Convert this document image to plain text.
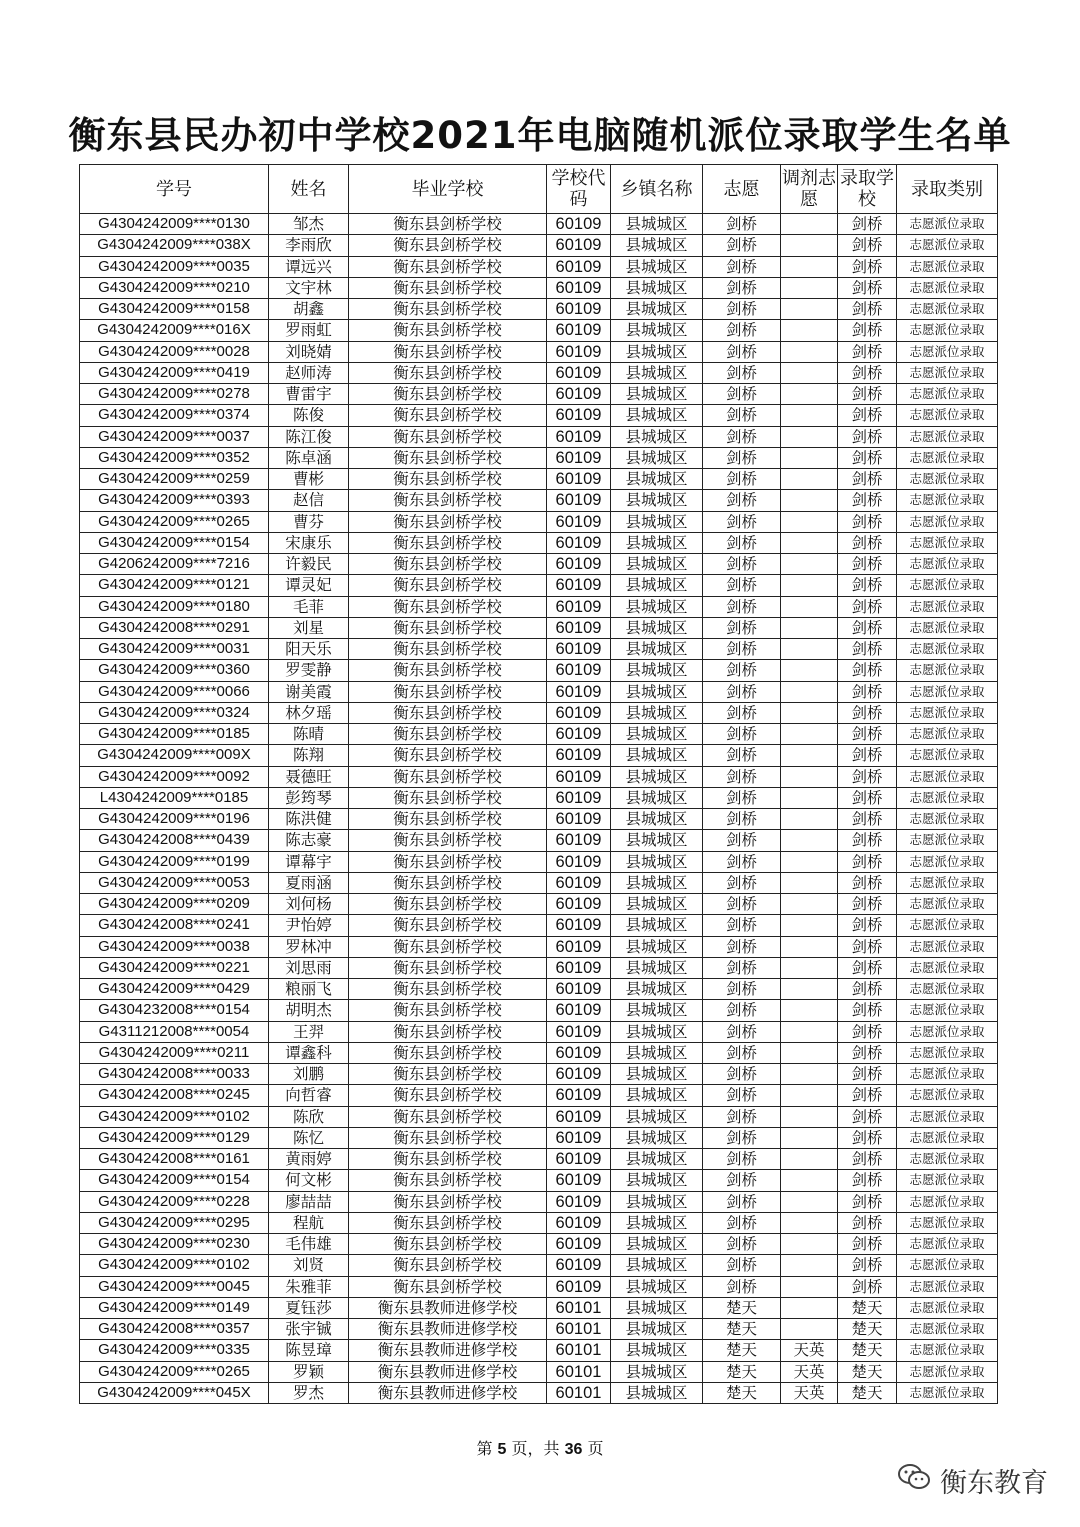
衡东县民办初中学校2021年电脑随机派位录取学生名单
学号	姓名	毕业学校	学校代码	乡镇名称	志愿	调剂志愿	录取学校	录取类别
G4304242009****0130	邹杰	衡东县剑桥学校	60109	县城城区	剑桥		剑桥	志愿派位录取
G4304242009****038X	李雨欣	衡东县剑桥学校	60109	县城城区	剑桥		剑桥	志愿派位录取
G4304242009****0035	谭远兴	衡东县剑桥学校	60109	县城城区	剑桥		剑桥	志愿派位录取
G4304242009****0210	文宇林	衡东县剑桥学校	60109	县城城区	剑桥		剑桥	志愿派位录取
G4304242009****0158	胡鑫	衡东县剑桥学校	60109	县城城区	剑桥		剑桥	志愿派位录取
G4304242009****016X	罗雨虹	衡东县剑桥学校	60109	县城城区	剑桥		剑桥	志愿派位录取
G4304242009****0028	刘晓婧	衡东县剑桥学校	60109	县城城区	剑桥		剑桥	志愿派位录取
G4304242009****0419	赵师涛	衡东县剑桥学校	60109	县城城区	剑桥		剑桥	志愿派位录取
G4304242009****0278	曹雷宇	衡东县剑桥学校	60109	县城城区	剑桥		剑桥	志愿派位录取
G4304242009****0374	陈俊	衡东县剑桥学校	60109	县城城区	剑桥		剑桥	志愿派位录取
G4304242009****0037	陈江俊	衡东县剑桥学校	60109	县城城区	剑桥		剑桥	志愿派位录取
G4304242009****0352	陈卓涵	衡东县剑桥学校	60109	县城城区	剑桥		剑桥	志愿派位录取
G4304242009****0259	曹彬	衡东县剑桥学校	60109	县城城区	剑桥		剑桥	志愿派位录取
G4304242009****0393	赵信	衡东县剑桥学校	60109	县城城区	剑桥		剑桥	志愿派位录取
G4304242009****0265	曹芬	衡东县剑桥学校	60109	县城城区	剑桥		剑桥	志愿派位录取
G4304242009****0154	宋康乐	衡东县剑桥学校	60109	县城城区	剑桥		剑桥	志愿派位录取
G4206242009****7216	许毅民	衡东县剑桥学校	60109	县城城区	剑桥		剑桥	志愿派位录取
G4304242009****0121	谭灵妃	衡东县剑桥学校	60109	县城城区	剑桥		剑桥	志愿派位录取
G4304242009****0180	毛菲	衡东县剑桥学校	60109	县城城区	剑桥		剑桥	志愿派位录取
G4304242008****0291	刘星	衡东县剑桥学校	60109	县城城区	剑桥		剑桥	志愿派位录取
G4304242009****0031	阳天乐	衡东县剑桥学校	60109	县城城区	剑桥		剑桥	志愿派位录取
G4304242009****0360	罗雯静	衡东县剑桥学校	60109	县城城区	剑桥		剑桥	志愿派位录取
G4304242009****0066	谢美霞	衡东县剑桥学校	60109	县城城区	剑桥		剑桥	志愿派位录取
G4304242009****0324	林夕瑶	衡东县剑桥学校	60109	县城城区	剑桥		剑桥	志愿派位录取
G4304242009****0185	陈晴	衡东县剑桥学校	60109	县城城区	剑桥		剑桥	志愿派位录取
G4304242009****009X	陈翔	衡东县剑桥学校	60109	县城城区	剑桥		剑桥	志愿派位录取
G4304242009****0092	聂德旺	衡东县剑桥学校	60109	县城城区	剑桥		剑桥	志愿派位录取
L4304242009****0185	彭筠琴	衡东县剑桥学校	60109	县城城区	剑桥		剑桥	志愿派位录取
G4304242009****0196	陈洪健	衡东县剑桥学校	60109	县城城区	剑桥		剑桥	志愿派位录取
G4304242008****0439	陈志豪	衡东县剑桥学校	60109	县城城区	剑桥		剑桥	志愿派位录取
G4304242009****0199	谭幕宇	衡东县剑桥学校	60109	县城城区	剑桥		剑桥	志愿派位录取
G4304242009****0053	夏雨涵	衡东县剑桥学校	60109	县城城区	剑桥		剑桥	志愿派位录取
G4304242009****0209	刘何杨	衡东县剑桥学校	60109	县城城区	剑桥		剑桥	志愿派位录取
G4304242008****0241	尹怡婷	衡东县剑桥学校	60109	县城城区	剑桥		剑桥	志愿派位录取
G4304242009****0038	罗林冲	衡东县剑桥学校	60109	县城城区	剑桥		剑桥	志愿派位录取
G4304242009****0221	刘思雨	衡东县剑桥学校	60109	县城城区	剑桥		剑桥	志愿派位录取
G4304242009****0429	粮丽飞	衡东县剑桥学校	60109	县城城区	剑桥		剑桥	志愿派位录取
G4304232008****0154	胡明杰	衡东县剑桥学校	60109	县城城区	剑桥		剑桥	志愿派位录取
G4311212008****0054	王羿	衡东县剑桥学校	60109	县城城区	剑桥		剑桥	志愿派位录取
G4304242009****0211	谭鑫科	衡东县剑桥学校	60109	县城城区	剑桥		剑桥	志愿派位录取
G4304242008****0033	刘鹏	衡东县剑桥学校	60109	县城城区	剑桥		剑桥	志愿派位录取
G4304242008****0245	向哲睿	衡东县剑桥学校	60109	县城城区	剑桥		剑桥	志愿派位录取
G4304242009****0102	陈欣	衡东县剑桥学校	60109	县城城区	剑桥		剑桥	志愿派位录取
G4304242009****0129	陈忆	衡东县剑桥学校	60109	县城城区	剑桥		剑桥	志愿派位录取
G4304242008****0161	黄雨婷	衡东县剑桥学校	60109	县城城区	剑桥		剑桥	志愿派位录取
G4304242009****0154	何文彬	衡东县剑桥学校	60109	县城城区	剑桥		剑桥	志愿派位录取
G4304242009****0228	廖喆喆	衡东县剑桥学校	60109	县城城区	剑桥		剑桥	志愿派位录取
G4304242009****0295	程航	衡东县剑桥学校	60109	县城城区	剑桥		剑桥	志愿派位录取
G4304242009****0230	毛伟雄	衡东县剑桥学校	60109	县城城区	剑桥		剑桥	志愿派位录取
G4304242009****0102	刘贤	衡东县剑桥学校	60109	县城城区	剑桥		剑桥	志愿派位录取
G4304242009****0045	朱雅菲	衡东县剑桥学校	60109	县城城区	剑桥		剑桥	志愿派位录取
G4304242009****0149	夏钰莎	衡东县教师进修学校	60101	县城城区	楚天		楚天	志愿派位录取
G4304242008****0357	张宇铖	衡东县教师进修学校	60101	县城城区	楚天		楚天	志愿派位录取
G4304242009****0335	陈昱璋	衡东县教师进修学校	60101	县城城区	楚天	天英	楚天	志愿派位录取
G4304242009****0265	罗颖	衡东县教师进修学校	60101	县城城区	楚天	天英	楚天	志愿派位录取
G4304242009****045X	罗杰	衡东县教师进修学校	60101	县城城区	楚天	天英	楚天	志愿派位录取
第 5 页，共 36 页
衡东教育
